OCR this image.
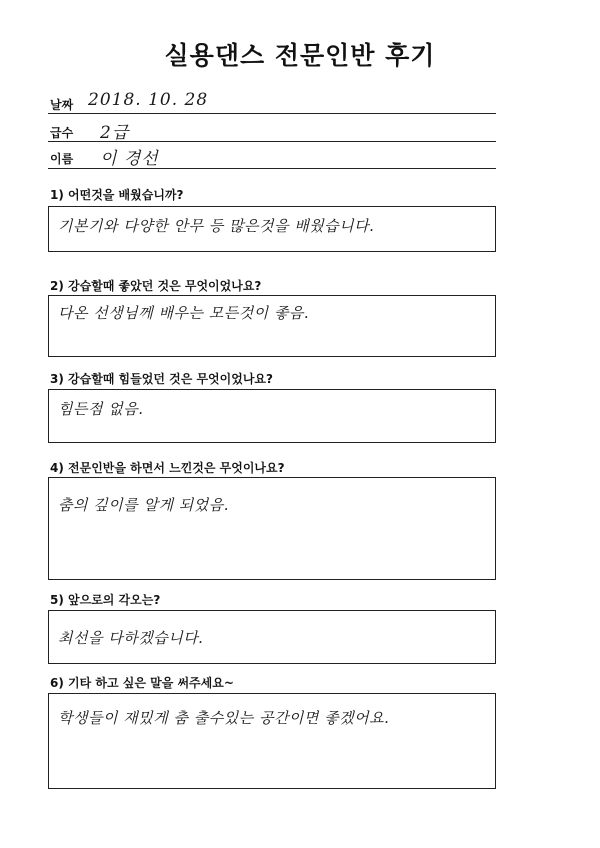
실용댄스 전문인반 후기
날짜 2018. 10. 28
급수 2급
이름 이 경선
1) 어떤것을 배웠습니까?
기본기와 다양한 안무 등 많은것을 배웠습니다.
2) 강습할때 좋았던 것은 무엇이었나요?
다온 선생님께 배우는 모든것이 좋음.
3) 강습할때 힘들었던 것은 무엇이었나요?
힘든점 없음.
4) 전문인반을 하면서 느낀것은 무엇이나요?
춤의 깊이를 알게 되었음.
5) 앞으로의 각오는?
최선을 다하겠습니다.
6) 기타 하고 싶은 말을 써주세요~
학생들이 재밌게 춤 출수있는 공간이면 좋겠어요.
